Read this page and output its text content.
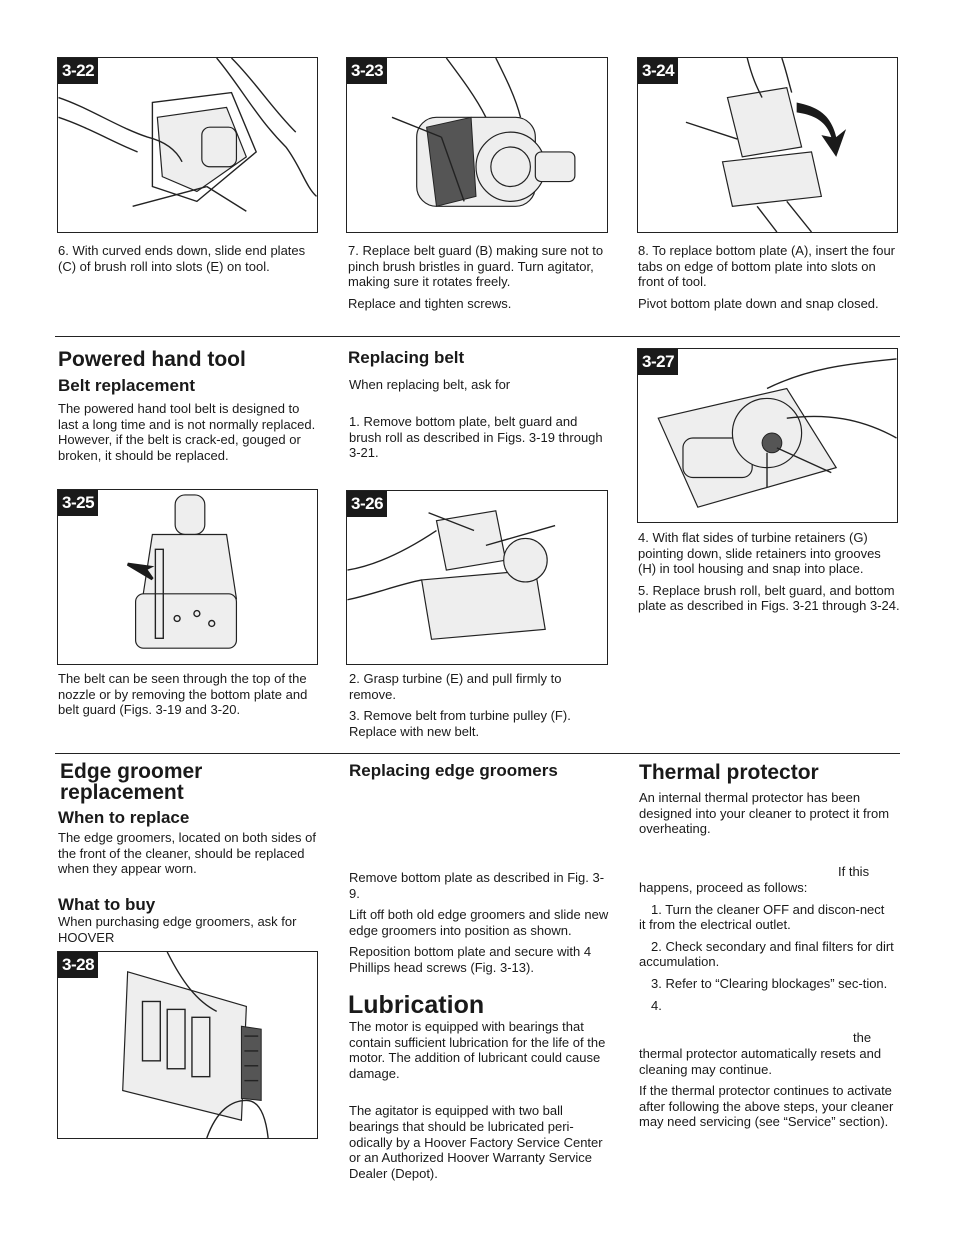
3-22	3-23	3-24

6. With curved ends down, slide end plates (C) of brush roll into slots (E) on tool.

7. Replace belt guard (B) making sure not to pinch brush bristles in guard. Turn agitator, making sure it rotates freely.

Replace and tighten screws.

8. To replace bottom plate (A), insert the four tabs on edge of bottom plate into slots on front of tool.

Pivot bottom plate down and snap closed.

Powered hand tool
Belt replacement

The powered hand tool belt is designed to last a long time and is not normally replaced. However, if the belt is crack-ed, gouged or broken, it should be replaced.

Replacing belt

When replacing belt, ask for

1. Remove bottom plate, belt guard and brush roll as described in Figs. 3-19 through 3-21.

3-27
3-25	3-26

4. With flat sides of turbine retainers (G) pointing down, slide retainers into grooves (H) in tool housing and snap into place.

5. Replace brush roll, belt guard, and bottom plate as described in Figs. 3-21 through 3-24.

The belt can be seen through the top of the nozzle or by removing the bottom plate and belt guard (Figs. 3-19 and 3-20.

2. Grasp turbine (E) and pull firmly to remove.

3. Remove belt from turbine pulley (F). Replace with new belt.

Edge groomer replacement
When to replace

The edge groomers, located on both sides of the front of the cleaner, should be replaced when they appear worn.

What to buy

When purchasing edge groomers, ask for HOOVER

3-28
Replacing edge groomers

Remove bottom plate as described in Fig. 3-9.

Lift off both old edge groomers and slide new edge groomers into position as shown.

Reposition bottom plate and secure with 4 Phillips head screws (Fig. 3-13).

Lubrication

The motor is equipped with bearings that contain sufficient lubrication for the life of the motor. The addition of lubricant could cause damage.

The agitator is equipped with two ball bearings that should be lubricated peri-odically by a Hoover Factory Service Center or an Authorized Hoover Warranty Service Dealer (Depot).

Thermal protector

An internal thermal protector has been designed into your cleaner to protect it from overheating.

If this

happens, proceed as follows:

1. Turn the cleaner OFF and discon-nect it from the electrical outlet.

2. Check secondary and final filters for dirt accumulation.

3. Refer to “Clearing blockages” sec-tion.

4.

the

thermal protector automatically resets and cleaning may continue.

If the thermal protector continues to activate after following the above steps, your cleaner may need servicing (see “Service” section).
